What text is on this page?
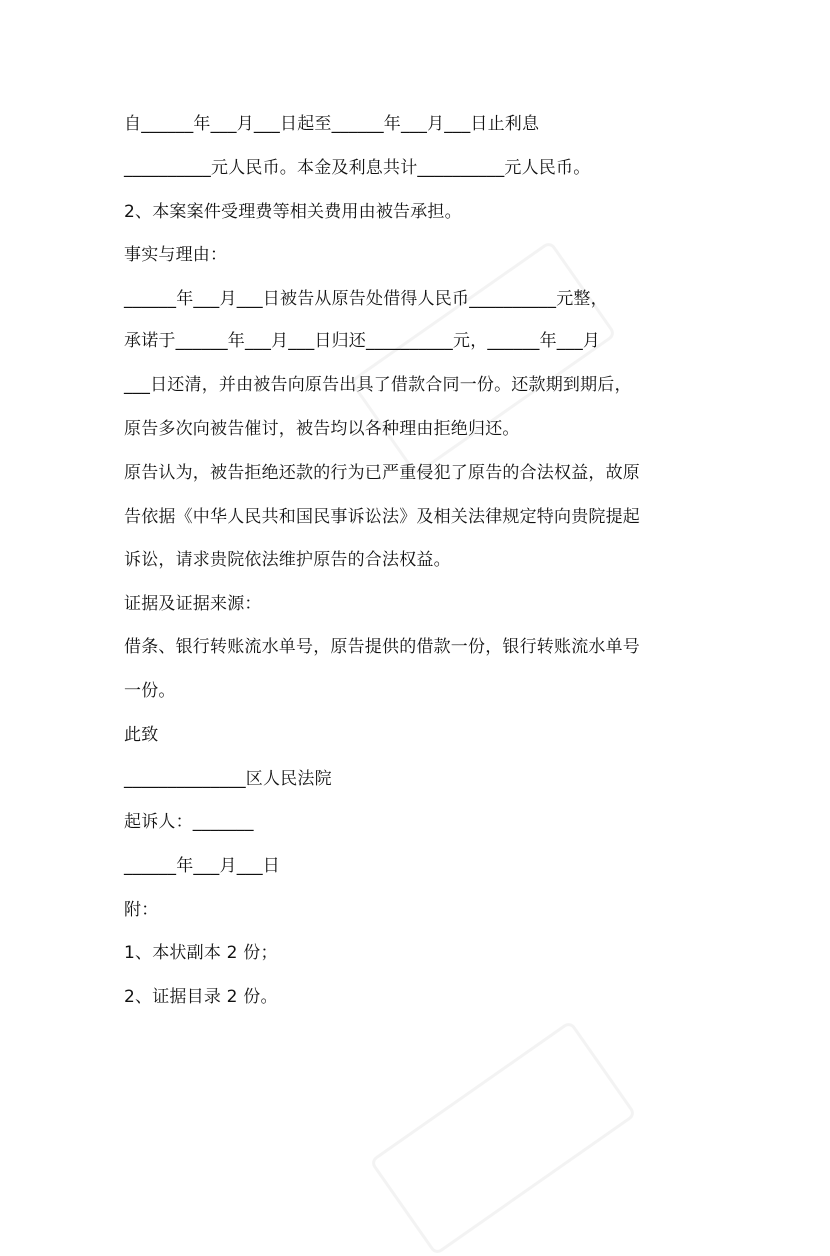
自______年___月___日起至______年___月___日止利息
__________元人民币。本金及利息共计__________元人民币。
2、本案案件受理费等相关费用由被告承担。
事实与理由：
______年___月___日被告从原告处借得人民币__________元整，
承诺于______年___月___日归还__________元，______年___月
___日还清，并由被告向原告出具了借款合同一份。还款期到期后，
原告多次向被告催讨，被告均以各种理由拒绝归还。
原告认为，被告拒绝还款的行为已严重侵犯了原告的合法权益，故原
告依据《中华人民共和国民事诉讼法》及相关法律规定特向贵院提起
诉讼，请求贵院依法维护原告的合法权益。
证据及证据来源：
借条、银行转账流水单号，原告提供的借款一份，银行转账流水单号
一份。
此致
______________区人民法院
起诉人：_______
______年___月___日
附：
1、本状副本 2 份；
2、证据目录 2 份。
